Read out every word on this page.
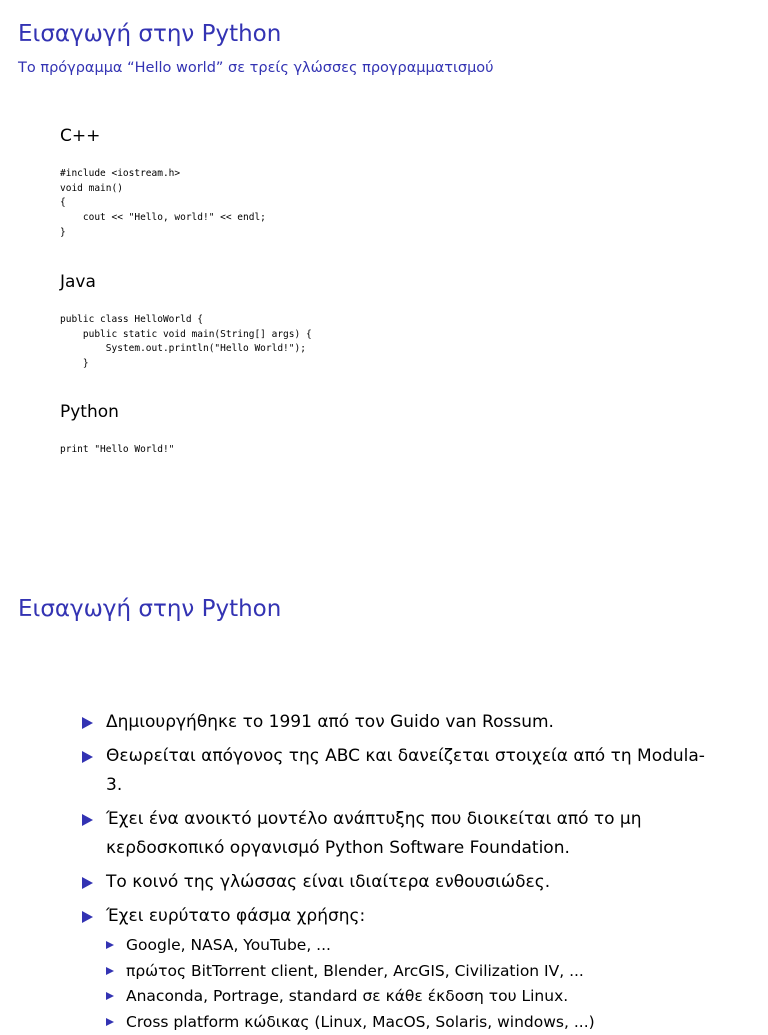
Εισαγωγή στην Python
Το πρόγραμμα “Hello world” σε τρείς γλώσσες προγραμματισμού
C++
#include <iostream.h>
void main()
{
cout << "Hello, world!" << endl;
}
Java
public class HelloWorld {
public static void main(String[] args) {
System.out.println("Hello World!");
}
Python
print "Hello World!"
Εισαγωγή στην Python
Δημιουργήθηκε το 1991 από τον Guido van Rossum.
Θεωρείται απόγονος της ABC και δανείζεται στοιχεία από τη Modula-3.
Έχει ένα ανοικτό μοντέλο ανάπτυξης που διοικείται από το μη κερδοσκοπικό οργανισμό Python Software Foundation.
Το κοινό της γλώσσας είναι ιδιαίτερα ενθουσιώδες.
Έχει ευρύτατο φάσμα χρήσης:
Google, NASA, YouTube, ...
πρώτος BitTorrent client, Blender, ArcGIS, Civilization IV, ...
Anaconda, Portrage, standard σε κάθε έκδοση του Linux.
Cross platform κώδικας (Linux, MacOS, Solaris, windows, ...)
